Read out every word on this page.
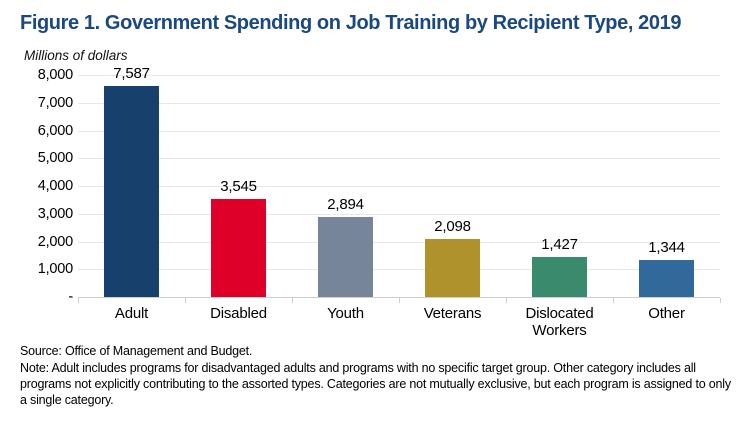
Figure 1. Government Spending on Job Training by Recipient Type, 2019
Millions of dollars
-
1,000
2,000
3,000
4,000
5,000
6,000
7,000
8,000	7,587
3,545
2,894
2,098
1,427	1,344
Adult	Disabled	Youth	Veterans	Dislocated Workers
Other
Source: Office of Management and Budget.
Note: Adult includes programs for disadvantaged adults and programs with no specific target group. Other category includes all programs not explicitly contributing to the assorted types. Categories are not mutually exclusive, but each program is assigned to only a single category.
